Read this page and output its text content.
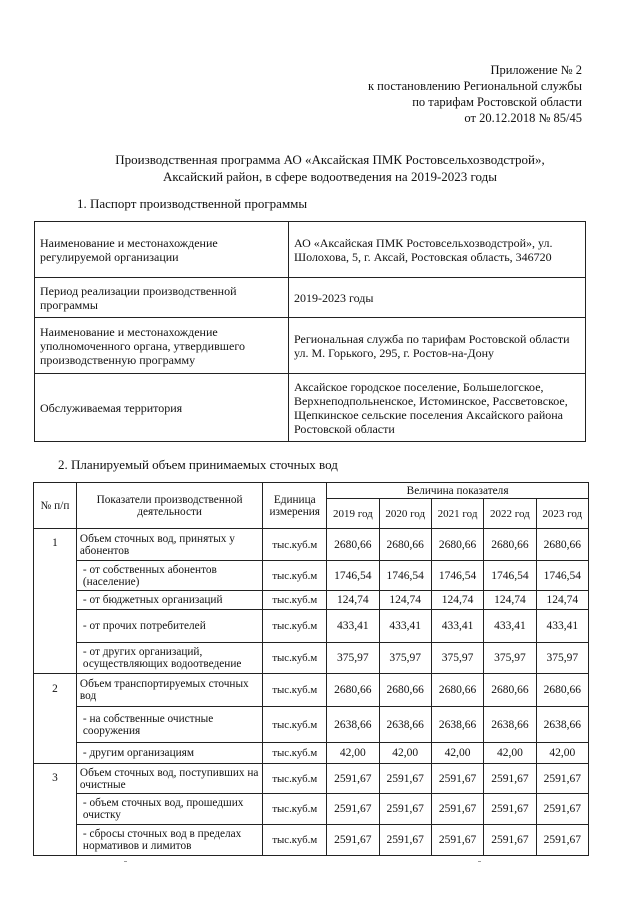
Приложение № 2
к постановлению Региональной службы
по тарифам Ростовской области
от 20.12.2018 № 85/45
Производственная программа АО «Аксайская ПМК Ростовсельхозводстрой»,
Аксайский район, в сфере водоотведения на 2019-2023 годы
1. Паспорт производственной программы
Наименование и местонахождение регулируемой организации	АО «Аксайская ПМК Ростовсельхозводстрой», ул. Шолохова, 5, г. Аксай, Ростовская область, 346720
Период реализации производственной программы	2019-2023 годы
Наименование и местонахождение уполномоченного органа, утвердившего производственную программу	Региональная служба по тарифам Ростовской области ул. М. Горького, 295, г. Ростов-на-Дону
Обслуживаемая территория	Аксайское городское поселение, Большелогское, Верхнеподпольненское, Истоминское, Рассветовское, Щепкинское сельские поселения Аксайского района Ростовской области
2. Планируемый объем принимаемых сточных вод
№ п/п	Показатели производственной деятельности	Единица измерения	Величина показателя				
			2019 год	2020 год	2021 год	2022 год	2023 год
1	Объем сточных вод, принятых у абонентов	тыс.куб.м	2680,66	2680,66	2680,66	2680,66	2680,66
	- от собственных абонентов (население)	тыс.куб.м	1746,54	1746,54	1746,54	1746,54	1746,54
	- от бюджетных организаций	тыс.куб.м	124,74	124,74	124,74	124,74	124,74
	- от прочих потребителей	тыс.куб.м	433,41	433,41	433,41	433,41	433,41
	- от других организаций, осуществляющих водоотведение	тыс.куб.м	375,97	375,97	375,97	375,97	375,97
2	Объем транспортируемых сточных вод	тыс.куб.м	2680,66	2680,66	2680,66	2680,66	2680,66
	- на собственные очистные сооружения	тыс.куб.м	2638,66	2638,66	2638,66	2638,66	2638,66
	- другим организациям	тыс.куб.м	42,00	42,00	42,00	42,00	42,00
3	Объем сточных вод, поступивших на очистные	тыс.куб.м	2591,67	2591,67	2591,67	2591,67	2591,67
	- объем сточных вод, прошедших очистку	тыс.куб.м	2591,67	2591,67	2591,67	2591,67	2591,67
	- сбросы сточных вод в пределах нормативов и лимитов	тыс.куб.м	2591,67	2591,67	2591,67	2591,67	2591,67
